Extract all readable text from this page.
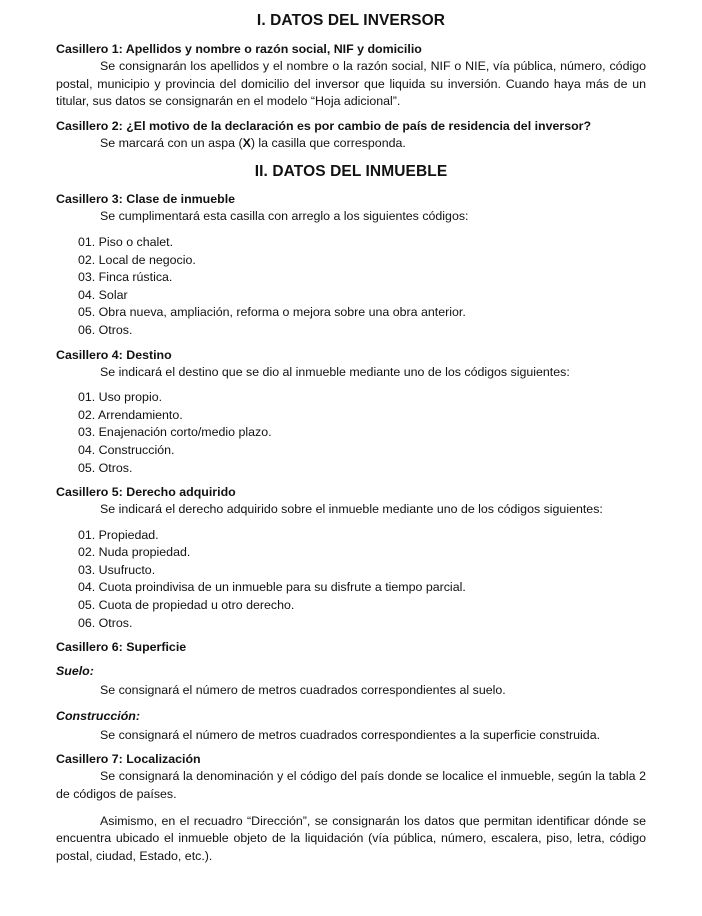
I. DATOS DEL INVERSOR

Casillero 1: Apellidos y nombre o razón social, NIF y domicilio

Se consignarán los apellidos y el nombre o la razón social, NIF o NIE, vía pública, número, código postal, municipio y provincia del domicilio del inversor que liquida su inversión. Cuando haya más de un titular, sus datos se consignarán en el modelo “Hoja adicional”.

Casillero 2: ¿El motivo de la declaración es por cambio de país de residencia del inversor?

Se marcará con un aspa (X) la casilla que corresponda.

II. DATOS DEL INMUEBLE

Casillero 3: Clase de inmueble

Se cumplimentará esta casilla con arreglo a los siguientes códigos:

01. Piso o chalet.
02. Local de negocio.
03. Finca rústica.
04. Solar
05. Obra nueva, ampliación, reforma o mejora sobre una obra anterior.
06. Otros.

Casillero 4: Destino

Se indicará el destino que se dio al inmueble mediante uno de los códigos siguientes:

01. Uso propio.
02. Arrendamiento.
03. Enajenación corto/medio plazo.
04. Construcción.
05. Otros.

Casillero 5: Derecho adquirido

Se indicará el derecho adquirido sobre el inmueble mediante uno de los códigos siguientes:

01. Propiedad.
02. Nuda propiedad.
03. Usufructo.
04. Cuota proindivisa de un inmueble para su disfrute a tiempo parcial.
05. Cuota de propiedad u otro derecho.
06. Otros.

Casillero 6: Superficie

Suelo:

Se consignará el número de metros cuadrados correspondientes al suelo.

Construcción:

Se consignará el número de metros cuadrados correspondientes a la superficie construida.

Casillero 7: Localización

Se consignará la denominación y el código del país donde se localice el inmueble, según la tabla 2 de códigos de países.

Asimismo, en el recuadro “Dirección”, se consignarán los datos que permitan identificar dónde se encuentra ubicado el inmueble objeto de la liquidación (vía pública, número, escalera, piso, letra, código postal, ciudad, Estado, etc.).
